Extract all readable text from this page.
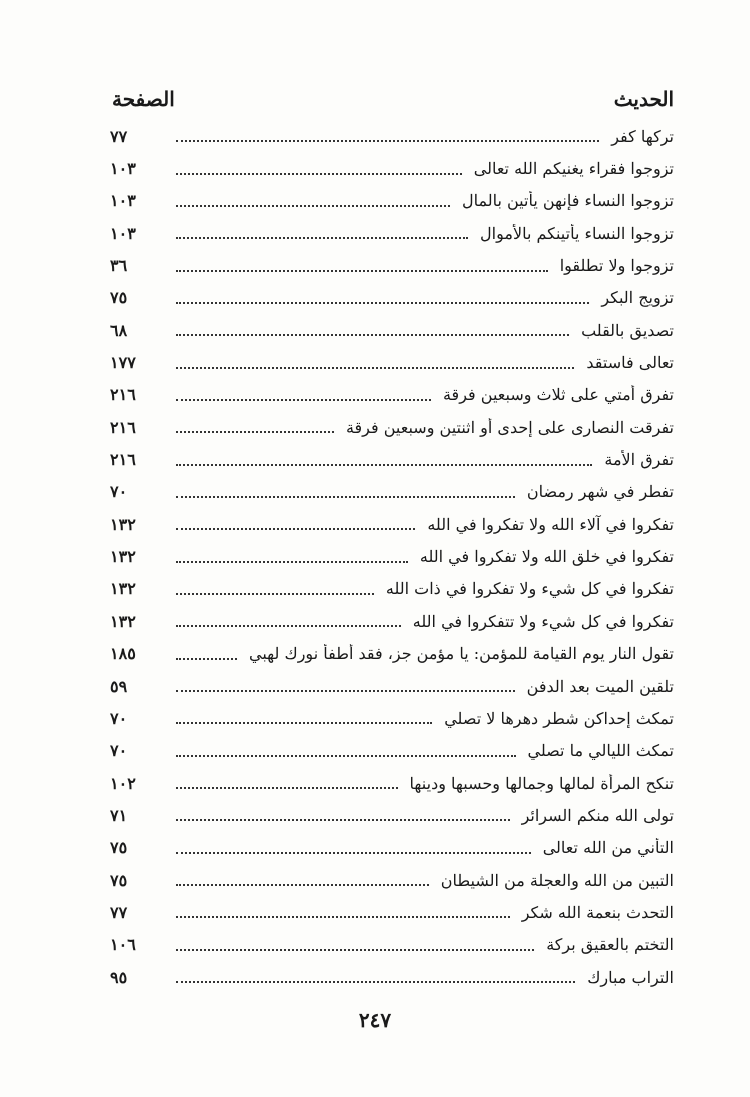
الحديث
الصفحة
تركها كفر
٧٧
تزوجوا فقراء يغنيكم الله تعالى
١٠٣
تزوجوا النساء فإنهن يأتين بالمال
١٠٣
تزوجوا النساء يأتينكم بالأموال
١٠٣
تزوجوا ولا تطلقوا
٣٦
تزويج البكر
٧٥
تصديق بالقلب
٦٨
تعالى فاستقد
١٧٧
تفرق أمتي على ثلاث وسبعين فرقة
٢١٦
تفرقت النصارى على إحدى أو اثنتين وسبعين فرقة
٢١٦
تفرق الأمة
٢١٦
تفطر في شهر رمضان
٧٠
تفكروا في آلاء الله ولا تفكروا في الله
١٣٢
تفكروا في خلق الله ولا تفكروا في الله
١٣٢
تفكروا في كل شيء ولا تفكروا في ذات الله
١٣٢
تفكروا في كل شيء ولا تتفكروا في الله
١٣٢
تقول النار يوم القيامة للمؤمن: يا مؤمن جز، فقد أطفأ نورك لهبي
١٨٥
تلقين الميت بعد الدفن
٥٩
تمكث إحداكن شطر دهرها لا تصلي
٧٠
تمكث الليالي ما تصلي
٧٠
تنكح المرأة لمالها وجمالها وحسبها ودينها
١٠٢
تولى الله منكم السرائر
٧١
التأني من الله تعالى
٧٥
التبين من الله والعجلة من الشيطان
٧٥
التحدث بنعمة الله شكر
٧٧
التختم بالعقيق بركة
١٠٦
التراب مبارك
٩٥
٢٤٧
